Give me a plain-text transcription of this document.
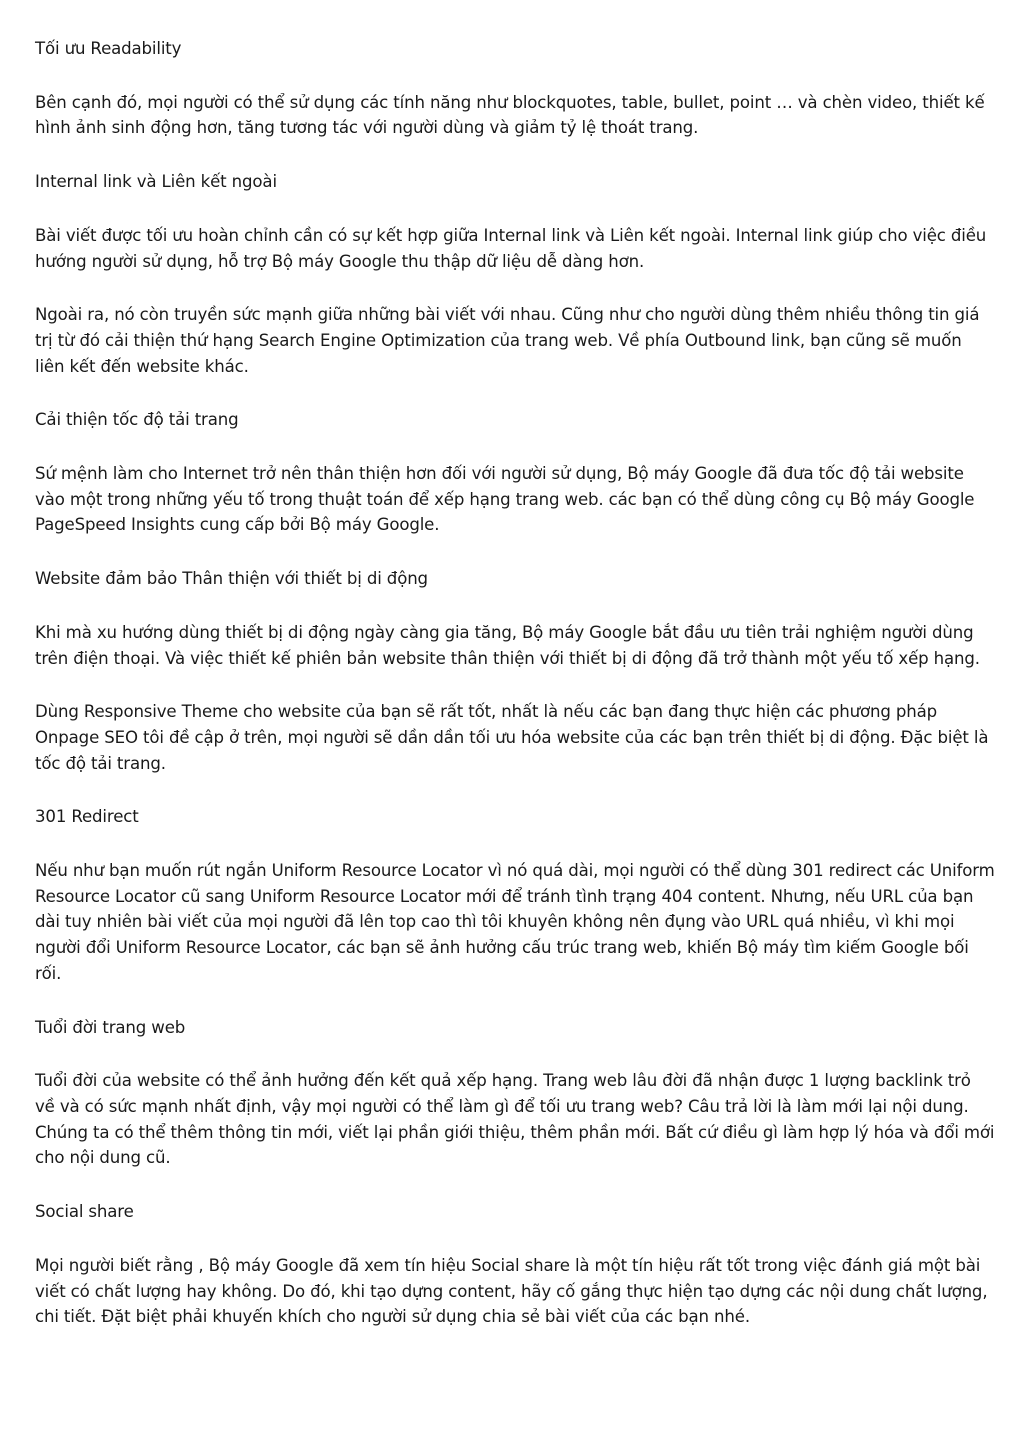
Tối ưu Readability

Bên cạnh đó, mọi người có thể sử dụng các tính năng như blockquotes, table, bullet, point … và chèn video, thiết kế hình ảnh sinh động hơn, tăng tương tác với người dùng và giảm tỷ lệ thoát trang.

Internal link và Liên kết ngoài

Bài viết được tối ưu hoàn chỉnh cần có sự kết hợp giữa Internal link và Liên kết ngoài. Internal link giúp cho việc điều hướng người sử dụng, hỗ trợ Bộ máy Google thu thập dữ liệu dễ dàng hơn.

Ngoài ra, nó còn truyền sức mạnh giữa những bài viết với nhau. Cũng như cho người dùng thêm nhiều thông tin giá trị từ đó cải thiện thứ hạng Search Engine Optimization của trang web. Về phía Outbound link, bạn cũng sẽ muốn liên kết đến website khác.

Cải thiện tốc độ tải trang

Sứ mệnh làm cho Internet trở nên thân thiện hơn đối với người sử dụng, Bộ máy Google đã đưa tốc độ tải website vào một trong những yếu tố trong thuật toán để xếp hạng trang web. các bạn có thể dùng công cụ Bộ máy Google PageSpeed Insights cung cấp bởi Bộ máy Google.

Website đảm bảo Thân thiện với thiết bị di động

Khi mà xu hướng dùng thiết bị di động ngày càng gia tăng, Bộ máy Google bắt đầu ưu tiên trải nghiệm người dùng trên điện thoại. Và việc thiết kế phiên bản website thân thiện với thiết bị di động đã trở thành một yếu tố xếp hạng.

Dùng Responsive Theme cho website của bạn sẽ rất tốt, nhất là nếu các bạn đang thực hiện các phương pháp Onpage SEO tôi đề cập ở trên, mọi người sẽ dần dần tối ưu hóa website của các bạn trên thiết bị di động. Đặc biệt là tốc độ tải trang.

301 Redirect

Nếu như bạn muốn rút ngắn Uniform Resource Locator vì nó quá dài, mọi người có thể dùng 301 redirect các Uniform Resource Locator cũ sang Uniform Resource Locator mới để tránh tình trạng 404 content. Nhưng, nếu URL của bạn dài tuy nhiên bài viết của mọi người đã lên top cao thì tôi khuyên không nên đụng vào URL quá nhiều, vì khi mọi người đổi Uniform Resource Locator, các bạn sẽ ảnh hưởng cấu trúc trang web, khiến Bộ máy tìm kiếm Google bối rối.

Tuổi đời trang web

Tuổi đời của website có thể ảnh hưởng đến kết quả xếp hạng. Trang web lâu đời đã nhận được 1 lượng backlink trỏ về và có sức mạnh nhất định, vậy mọi người có thể làm gì để tối ưu trang web? Câu trả lời là làm mới lại nội dung. Chúng ta có thể thêm thông tin mới, viết lại phần giới thiệu, thêm phần mới. Bất cứ điều gì làm hợp lý hóa và đổi mới cho nội dung cũ.

Social share

Mọi người biết rằng , Bộ máy Google đã xem tín hiệu Social share là một tín hiệu rất tốt trong việc đánh giá một bài viết có chất lượng hay không. Do đó, khi tạo dựng content, hãy cố gắng thực hiện tạo dựng các nội dung chất lượng, chi tiết. Đặt biệt phải khuyến khích cho người sử dụng chia sẻ bài viết của các bạn nhé.
